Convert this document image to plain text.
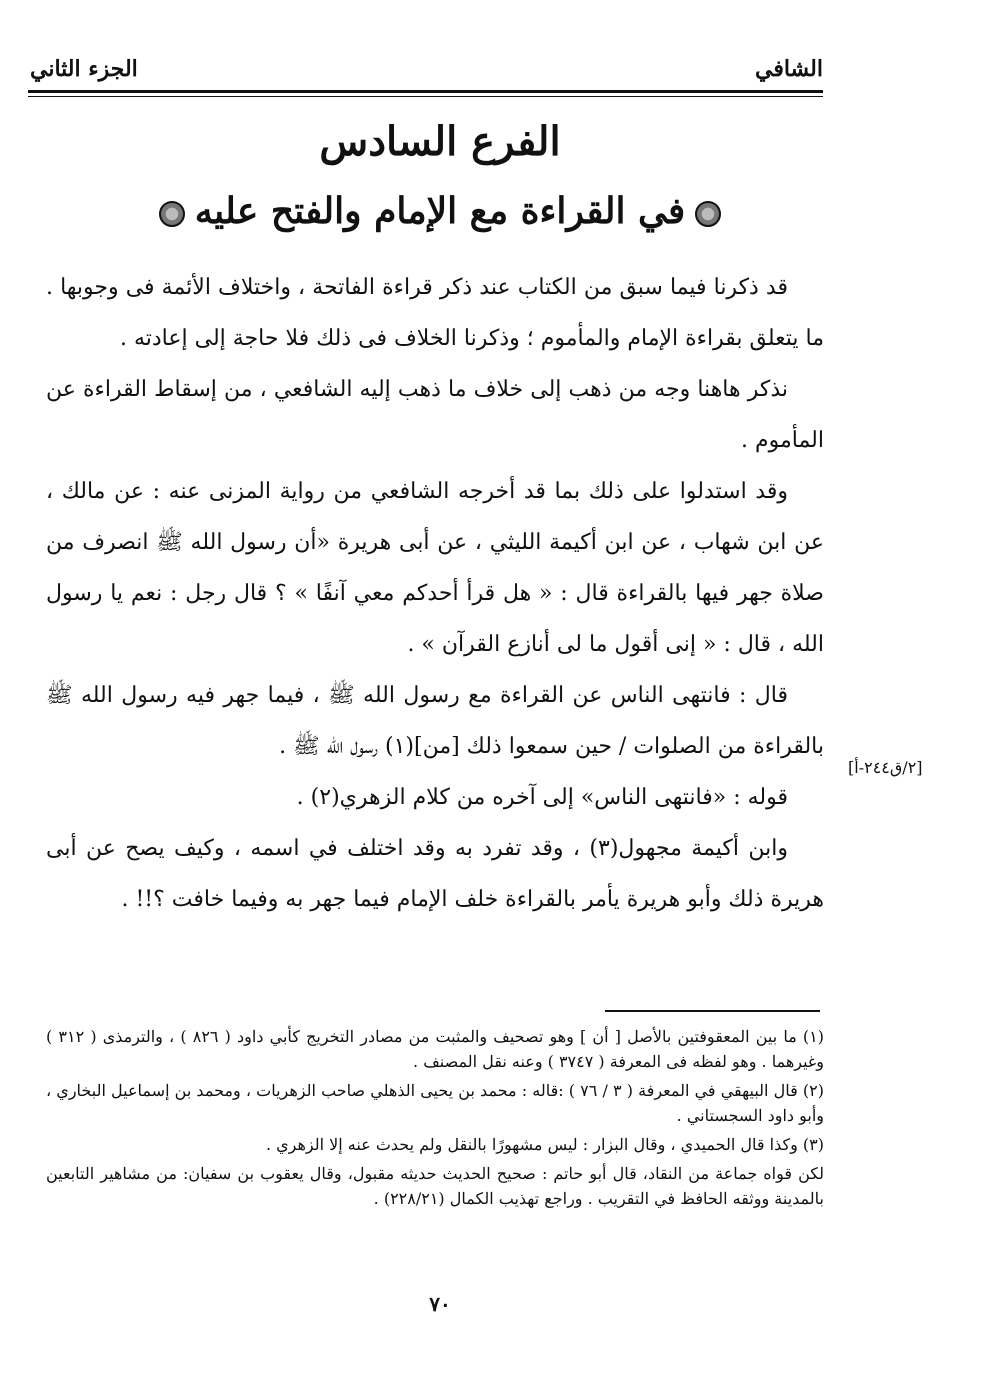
الشافي
الجزء الثاني
الفرع السادس
في القراءة مع الإمام والفتح عليه

قد ذكرنا فيما سبق من الكتاب عند ذكر قراءة الفاتحة ، واختلاف الأئمة فى وجوبها . ما يتعلق بقراءة الإمام والمأموم ؛ وذكرنا الخلاف فى ذلك فلا حاجة إلى إعادته .

نذكر هاهنا وجه من ذهب إلى خلاف ما ذهب إليه الشافعي ، من إسقاط القراءة عن المأموم .

وقد استدلوا على ذلك بما قد أخرجه الشافعي من رواية المزنى عنه : عن مالك ، عن ابن شهاب ، عن ابن أكيمة الليثي ، عن أبى هريرة «أن رسول الله ﷺ انصرف من صلاة جهر فيها بالقراءة قال : « هل قرأ أحدكم معي آنفًا » ؟ قال رجل : نعم يا رسول الله ، قال : « إنى أقول ما لى أنازع القرآن » .

قال : فانتهى الناس عن القراءة مع رسول الله ﷺ ، فيما جهر فيه رسول الله ﷺ بالقراءة من الصلوات / حين سمعوا ذلك [من](١) رسول الله ﷺ .

قوله : «فانتهى الناس» إلى آخره من كلام الزهري(٢) .

وابن أكيمة مجهول(٣) ، وقد تفرد به وقد اختلف في اسمه ، وكيف يصح عن أبى هريرة ذلك وأبو هريرة يأمر بالقراءة خلف الإمام فيما جهر به وفيما خافت ؟!! .

[٢/ق٢٤٤-أ]

(١) ما بين المعقوفتين بالأصل [ أن ] وهو تصحيف والمثبت من مصادر التخريج كأبي داود ( ٨٢٦ ) ، والترمذى ( ٣١٢ ) وغيرهما . وهو لفظه فى المعرفة ( ٣٧٤٧ ) وعنه نقل المصنف .

(٢) قال البيهقي في المعرفة ( ٣ / ٧٦ ) :قاله : محمد بن يحيى الذهلي صاحب الزهريات ، ومحمد بن إسماعيل البخاري ، وأبو داود السجستاني .

(٣) وكذا قال الحميدي ، وقال البزار : ليس مشهورًا بالنقل ولم يحدث عنه إلا الزهري .

لكن قواه جماعة من النقاد، قال أبو حاتم : صحيح الحديث حديثه مقبول، وقال يعقوب بن سفيان: من مشاهير التابعين بالمدينة ووثقه الحافظ في التقريب . وراجع تهذيب الكمال (٢٢٨/٢١) .

٧٠
